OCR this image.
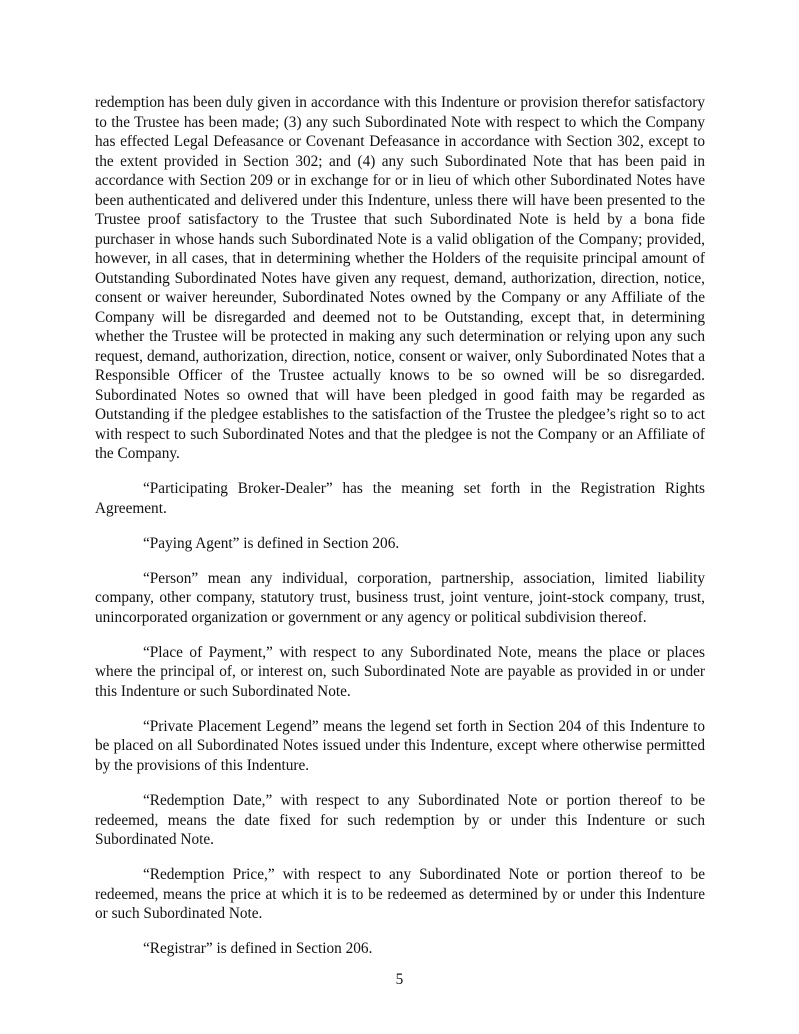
redemption has been duly given in accordance with this Indenture or provision therefor satisfactory to the Trustee has been made; (3) any such Subordinated Note with respect to which the Company has effected Legal Defeasance or Covenant Defeasance in accordance with Section 302, except to the extent provided in Section 302; and (4) any such Subordinated Note that has been paid in accordance with Section 209 or in exchange for or in lieu of which other Subordinated Notes have been authenticated and delivered under this Indenture, unless there will have been presented to the Trustee proof satisfactory to the Trustee that such Subordinated Note is held by a bona fide purchaser in whose hands such Subordinated Note is a valid obligation of the Company; provided, however, in all cases, that in determining whether the Holders of the requisite principal amount of Outstanding Subordinated Notes have given any request, demand, authorization, direction, notice, consent or waiver hereunder, Subordinated Notes owned by the Company or any Affiliate of the Company will be disregarded and deemed not to be Outstanding, except that, in determining whether the Trustee will be protected in making any such determination or relying upon any such request, demand, authorization, direction, notice, consent or waiver, only Subordinated Notes that a Responsible Officer of the Trustee actually knows to be so owned will be so disregarded. Subordinated Notes so owned that will have been pledged in good faith may be regarded as Outstanding if the pledgee establishes to the satisfaction of the Trustee the pledgee’s right so to act with respect to such Subordinated Notes and that the pledgee is not the Company or an Affiliate of the Company.

“Participating Broker-Dealer” has the meaning set forth in the Registration Rights Agreement.

“Paying Agent” is defined in Section 206.

“Person” mean any individual, corporation, partnership, association, limited liability company, other company, statutory trust, business trust, joint venture, joint-stock company, trust, unincorporated organization or government or any agency or political subdivision thereof.

“Place of Payment,” with respect to any Subordinated Note, means the place or places where the principal of, or interest on, such Subordinated Note are payable as provided in or under this Indenture or such Subordinated Note.

“Private Placement Legend” means the legend set forth in Section 204 of this Indenture to be placed on all Subordinated Notes issued under this Indenture, except where otherwise permitted by the provisions of this Indenture.

“Redemption Date,” with respect to any Subordinated Note or portion thereof to be redeemed, means the date fixed for such redemption by or under this Indenture or such Subordinated Note.

“Redemption Price,” with respect to any Subordinated Note or portion thereof to be redeemed, means the price at which it is to be redeemed as determined by or under this Indenture or such Subordinated Note.

“Registrar” is defined in Section 206.

5
